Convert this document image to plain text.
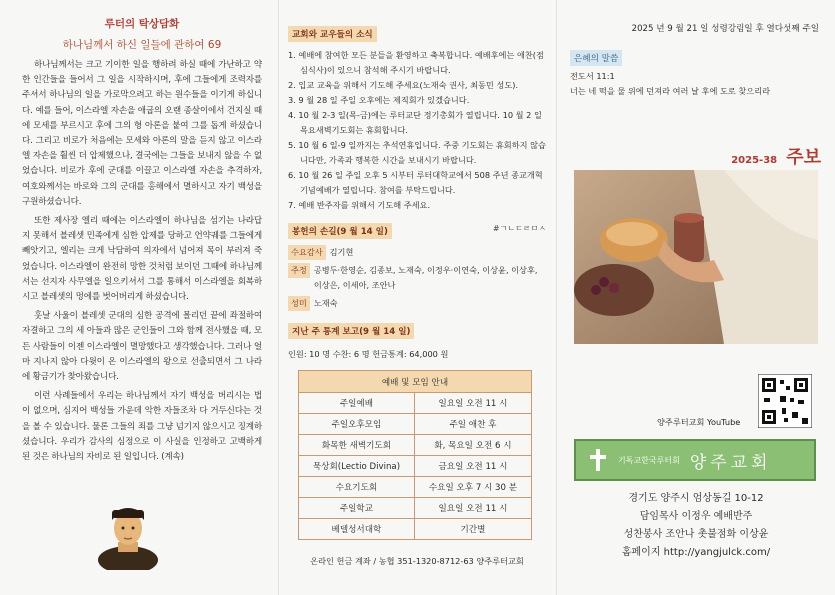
루터의 탁상담화
하나님께서 하신 일들에 관하여 69

하나님께서는 크고 기이한 일을 행하려 하실 때에 가난하고 약한 인간들을 들어서 그 일을 시작하시며, 후에 그들에게 조력자를 주셔서 하나님의 일을 가로막으려고 하는 원수들을 이기게 하십니다. 예를 들어, 이스라엘 자손을 애굽의 오랜 종살이에서 건지실 때에 모세를 부르시고 후에 그의 형 아론을 붙여 그를 돕게 하셨습니다. 그리고 비로가 처음에는 모세와 아론의 말을 듣지 않고 이스라엘 자손을 훨씬 더 압제했으나, 결국에는 그들을 보내지 않을 수 없었습니다. 비로가 후에 군대를 이끌고 이스라엘 자손을 추격하자, 여호와께서는 바로와 그의 군대를 홍해에서 멸하시고 자기 백성을 구원하셨습니다.

또한 제사장 엘리 때에는 이스라엘이 하나님을 섬기는 나라답지 못해서 블레셋 민족에게 심한 압제를 당하고 언약궤를 그들에게 빼앗기고, 엘리는 크게 낙담하여 의자에서 넘어져 목이 부러져 죽었습니다. 이스라엘이 완전히 망한 것처럼 보이던 그때에 하나님께서는 선지자 사무엘을 일으키셔서 그를 통해서 이스라엘을 회복하시고 블레셋의 멍에를 벗어버리게 하셨습니다.

훗날 사울이 블레셋 군대의 심한 공격에 몰리던 끝에 좌절하여 자결하고 그의 세 아들과 많은 군인들이 그와 함께 전사했을 때, 모든 사람들이 이젠 이스라엘이 멸망했다고 생각했습니다. 그러나 얼마 지나지 않아 다윗이 온 이스라엘의 왕으로 선출되면서 그 나라에 황금기가 찾아왔습니다.

이런 사례들에서 우리는 하나님께서 자기 백성을 버리시는 법이 없으며, 심지어 백성들 가운데 악한 자들조차 다 거두신다는 것을 볼 수 있습니다. 물론 그들의 죄를 그냥 넘기지 않으시고 징계하셨습니다. 우리가 감사의 심정으로 이 사실을 인정하고 고백하게 된 것은 하나님의 자비로 된 일입니다. (계속)

교회와 교우들의 소식
1. 예배에 참여한 모든 분들을 환영하고 축복합니다. 예배후에는 애찬(점심식사)이 있으니 참석해 주시기 바랍니다.
2. 입교 교육을 위해서 기도해 주세요(노재숙 권사, 최동민 성도).
3. 9 월 28 일 주일 오후에는 제직회가 있겠습니다.
4. 10 월 2-3 일(목-금)에는 루터교단 정기총회가 열립니다. 10 월 2 일 목요새벽기도회는 휴회합니다.
5. 10 월 6 일-9 일까지는 추석연휴입니다. 주중 기도회는 휴회하지 않습니다만, 가족과 행복한 시간을 보내시기 바랍니다.
6. 10 월 26 일 주일 오후 5 시부터 루터대학교에서 508 주년 종교개혁기념예배가 열립니다. 참여를 부탁드립니다.
7. 예배 반주자를 위해서 기도해 주세요.
봉헌의 손길(9 월 14 일)	#ㄱㄴㄷㄹㅁㅅ
수요감사 김기현
주정 공병두·한영순, 김종보, 노재숙, 이정우·이연숙, 이상윤, 이상후, 이상은, 이세아, 조안나
성미 노재숙
지난 주 통계 보고(9 월 14 일)
인원: 10 명 수찬: 6 명 헌금통계: 64,000 원
예배 및 모임 안내	
주일예배	일요일 오전 11 시
주일오후모임	주일 애찬 후
화목한 새벽기도회	화, 목요일 오전 6 시
묵상회(Lectio Divina)	금요일 오전 11 시
수요기도회	수요일 오후 7 시 30 분
주일학교	일요일 오전 11 시
베델성서대학	기간별
온라인 헌금 계좌 / 농협 351-1320-8712-63 양주루터교회
2025 년 9 월 21 일 성령강림일 후 열다섯째 주일
은혜의 말씀
전도서 11:1
너는 네 떡을 물 위에 던져라 여러 날 후에 도로 찾으리라
2025-38 주보
양주루터교회 YouTube
기독교한국루터회 양주교회
경기도 양주시 엄상동길 10-12
담임목사 이정우 예배반주
성찬봉사 조안나 촛불점화 이상윤
홈페이지 http://yangjulck.com/
